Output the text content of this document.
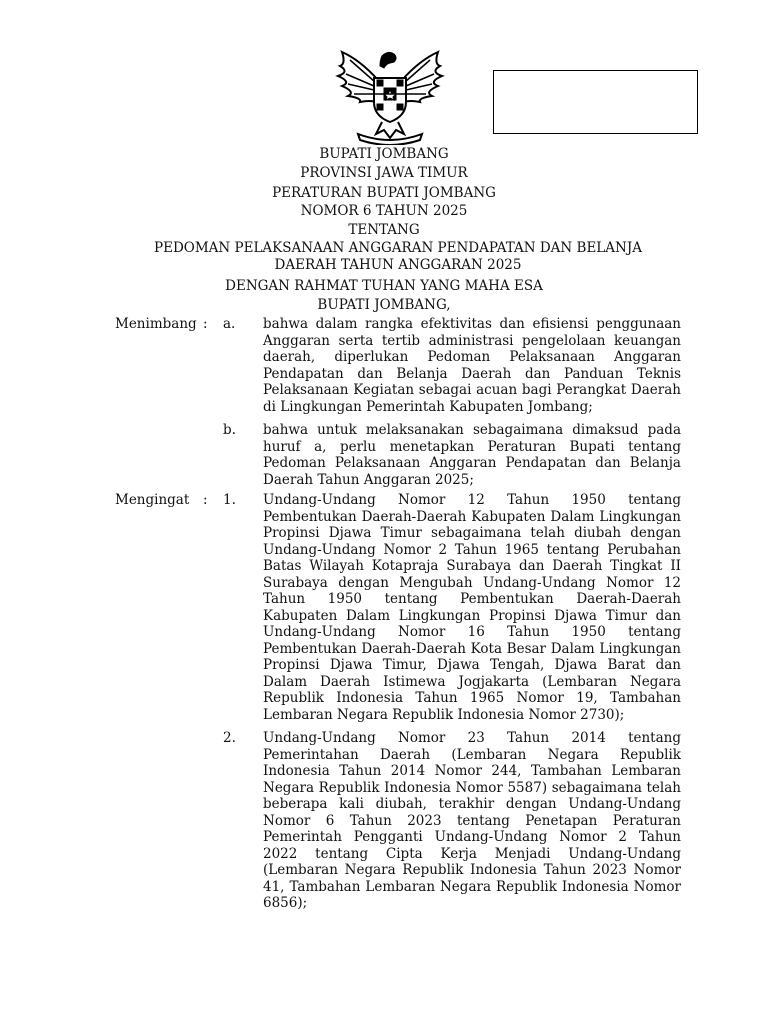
BUPATI JOMBANG
PROVINSI JAWA TIMUR
PERATURAN BUPATI JOMBANG
NOMOR 6 TAHUN 2025
TENTANG
PEDOMAN PELAKSANAAN ANGGARAN PENDAPATAN DAN BELANJA DAERAH TAHUN ANGGARAN 2025
DENGAN RAHMAT TUHAN YANG MAHA ESA
BUPATI JOMBANG,
Menimbang :	a.	bahwa dalam rangka efektivitas dan efisiensi penggunaan Anggaran serta tertib administrasi pengelolaan keuangan daerah, diperlukan Pedoman Pelaksanaan Anggaran Pendapatan dan Belanja Daerah dan Panduan Teknis Pelaksanaan Kegiatan sebagai acuan bagi Perangkat Daerah di Lingkungan Pemerintah Kabupaten Jombang;
b.	bahwa untuk melaksanakan sebagaimana dimaksud pada huruf a, perlu menetapkan Peraturan Bupati tentang Pedoman Pelaksanaan Anggaran Pendapatan dan Belanja Daerah Tahun Anggaran 2025;
Mengingat	:	1.	Undang-Undang Nomor 12 Tahun 1950 tentang Pembentukan Daerah-Daerah Kabupaten Dalam Lingkungan Propinsi Djawa Timur sebagaimana telah diubah dengan Undang-Undang Nomor 2 Tahun 1965 tentang Perubahan Batas Wilayah Kotapraja Surabaya dan Daerah Tingkat II Surabaya dengan Mengubah Undang-Undang Nomor 12 Tahun 1950 tentang Pembentukan Daerah-Daerah Kabupaten Dalam Lingkungan Propinsi Djawa Timur dan Undang-Undang Nomor 16 Tahun 1950 tentang Pembentukan Daerah-Daerah Kota Besar Dalam Lingkungan Propinsi Djawa Timur, Djawa Tengah, Djawa Barat dan Dalam Daerah Istimewa Jogjakarta (Lembaran Negara Republik Indonesia Tahun 1965 Nomor 19, Tambahan Lembaran Negara Republik Indonesia Nomor 2730);
2.	Undang-Undang Nomor 23 Tahun 2014 tentang Pemerintahan Daerah (Lembaran Negara Republik Indonesia Tahun 2014 Nomor 244, Tambahan Lembaran Negara Republik Indonesia Nomor 5587) sebagaimana telah beberapa kali diubah, terakhir dengan Undang-Undang Nomor 6 Tahun 2023 tentang Penetapan Peraturan Pemerintah Pengganti Undang-Undang Nomor 2 Tahun 2022 tentang Cipta Kerja Menjadi Undang-Undang (Lembaran Negara Republik Indonesia Tahun 2023 Nomor 41, Tambahan Lembaran Negara Republik Indonesia Nomor 6856);
